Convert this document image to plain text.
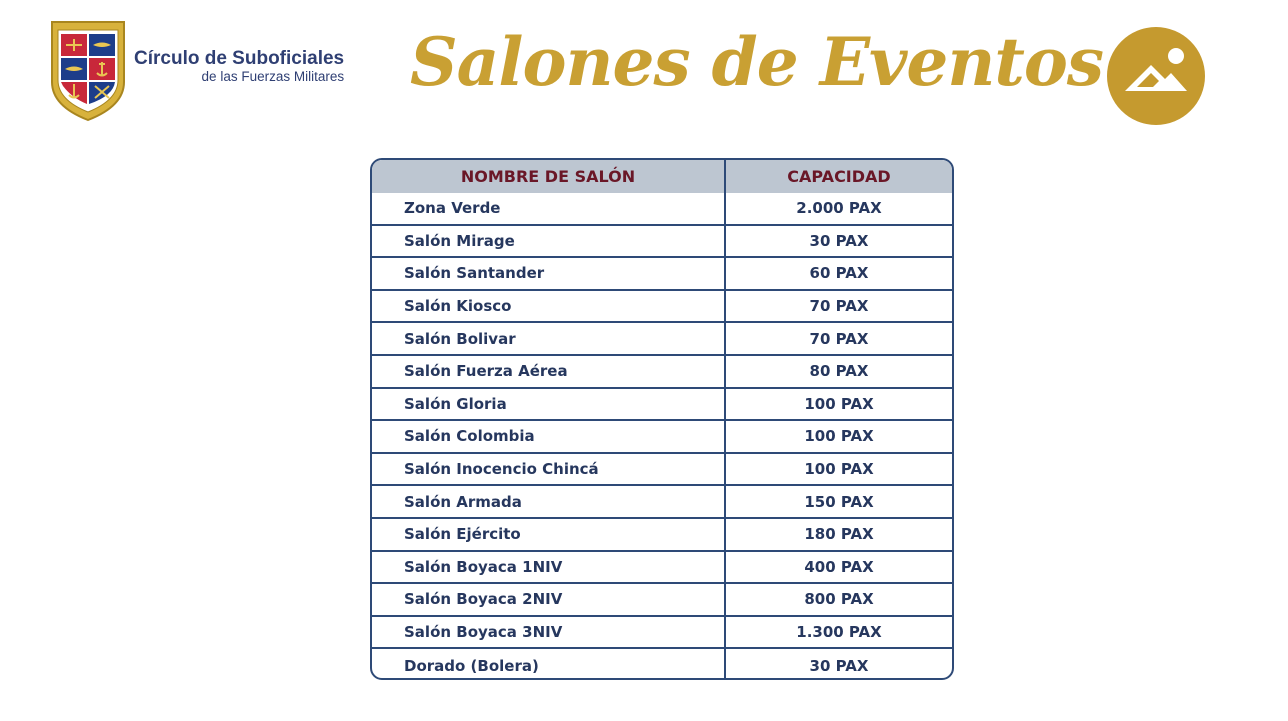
Círculo de Suboficiales
de las Fuerzas Militares Salones de Eventos
NOMBRE DE SALÓN	CAPACIDAD
Zona Verde	2.000 PAX
Salón Mirage	30 PAX
Salón Santander	60 PAX
Salón Kiosco	70 PAX
Salón Bolivar	70 PAX
Salón Fuerza Aérea	80 PAX
Salón Gloria	100 PAX
Salón Colombia	100 PAX
Salón Inocencio Chincá	100 PAX
Salón Armada	150 PAX
Salón Ejército	180 PAX
Salón Boyaca 1NIV	400 PAX
Salón Boyaca 2NIV	800 PAX
Salón Boyaca 3NIV	1.300 PAX
Dorado (Bolera)	30 PAX
